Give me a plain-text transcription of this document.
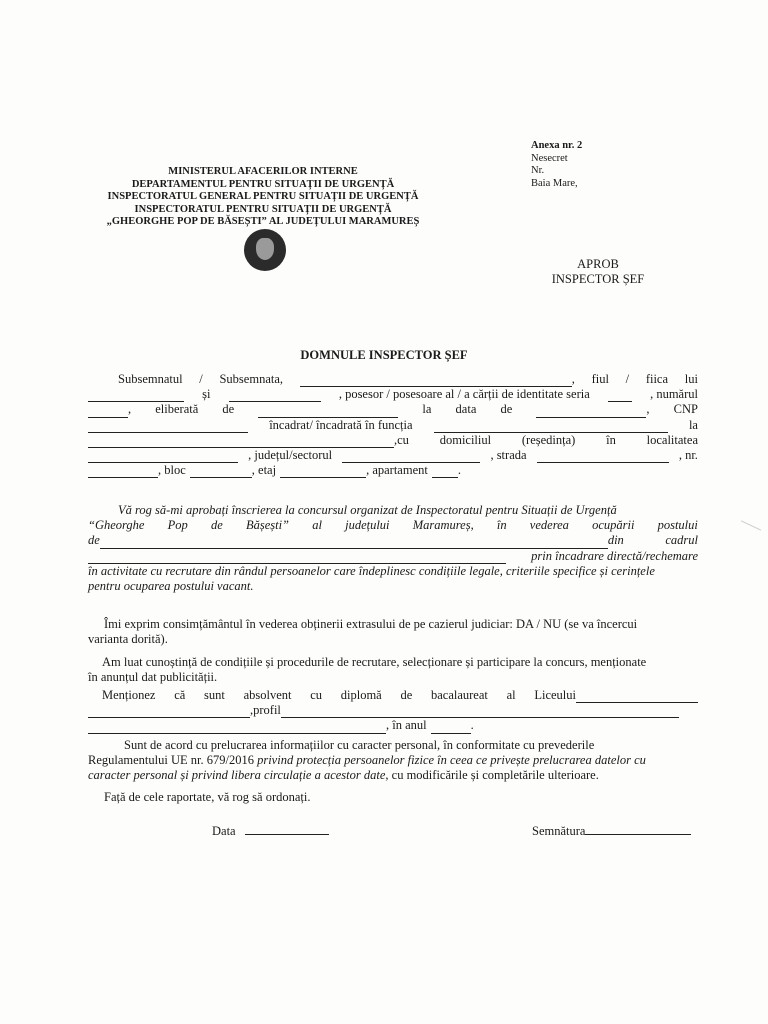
Anexa nr. 2
Nesecret
Nr.
Baia Mare,
MINISTERUL AFACERILOR INTERNE
DEPARTAMENTUL PENTRU SITUAȚII DE URGENȚĂ
INSPECTORATUL GENERAL PENTRU SITUAȚII DE URGENȚĂ
INSPECTORATUL PENTRU SITUAȚII DE URGENȚĂ
„GHEORGHE POP DE BĂSEȘTI” AL JUDEȚULUI MARAMUREȘ
APROB
INSPECTOR ȘEF
DOMNULE INSPECTOR ȘEF
Subsemnatul / Subsemnata,	, fiul / fiica lui
și	, posesor / posesoare al / a cărții de identitate seria	, numărul
, eliberată de	la data de	, CNP
încadrat/ încadrată în funcția	la
,cu domiciliul (reședința) în localitatea
, județul/sectorul	, strada	, nr.
, bloc	, etaj	, apartament .
Vă rog să-mi aprobați înscrierea la concursul organizat de Inspectoratul pentru Situații de Urgență
“Gheorghe Pop de Bășești” al județului Maramureș, în vederea ocupării postului
de	din	cadrul
prin încadrare directă/rechemare
în activitate cu recrutare din rândul persoanelor care îndeplinesc condițiile legale, criteriile specifice și cerințele
pentru ocuparea postului vacant.
Îmi exprim consimțământul în vederea obținerii extrasului de pe cazierul judiciar: DA / NU (se va încercui
varianta dorită).
Am luat cunoștință de condițiile și procedurile de recrutare, selecționare și participare la concurs, menționate
în anunțul dat publicității.
Menționez că sunt absolvent cu diplomă de bacalaureat al Liceului
,profil
, în anul	.
Sunt de acord cu prelucrarea informațiilor cu caracter personal, în conformitate cu prevederile
Regulamentului UE nr. 679/2016 privind protecția persoanelor fizice în ceea ce privește prelucrarea datelor cu
caracter personal și privind libera circulație a acestor date , cu modificările și completările ulterioare.
Față de cele raportate, vă rog să ordonați.
Data	Semnătura
